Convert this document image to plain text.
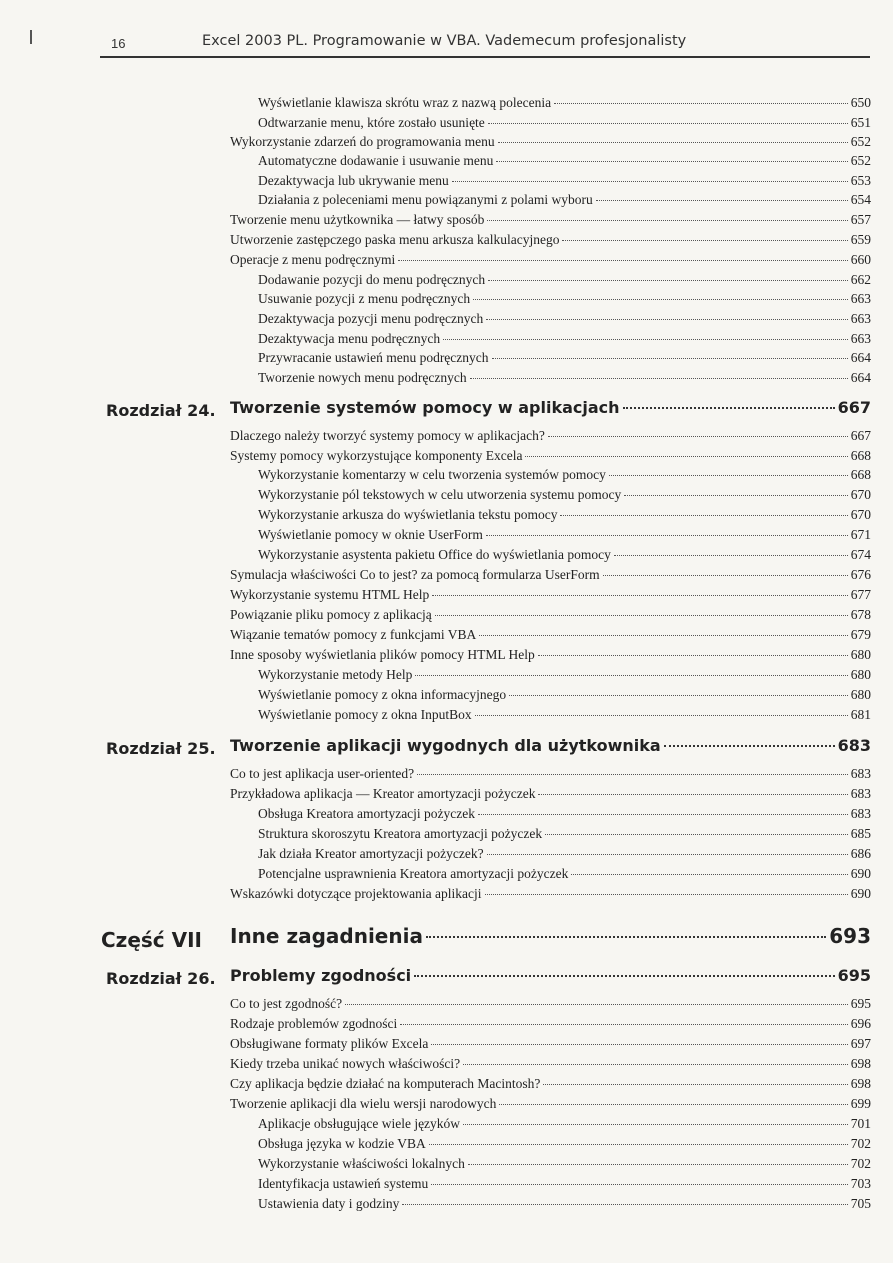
16	Excel 2003 PL. Programowanie w VBA. Vademecum profesjonalisty
Wyświetlanie klawisza skrótu wraz z nazwą polecenia	650
Odtwarzanie menu, które zostało usunięte	651
Wykorzystanie zdarzeń do programowania menu	652
Automatyczne dodawanie i usuwanie menu	652
Dezaktywacja lub ukrywanie menu	653
Działania z poleceniami menu powiązanymi z polami wyboru	654
Tworzenie menu użytkownika — łatwy sposób	657
Utworzenie zastępczego paska menu arkusza kalkulacyjnego	659
Operacje z menu podręcznymi	660
Dodawanie pozycji do menu podręcznych	662
Usuwanie pozycji z menu podręcznych	663
Dezaktywacja pozycji menu podręcznych	663
Dezaktywacja menu podręcznych	663
Przywracanie ustawień menu podręcznych	664
Tworzenie nowych menu podręcznych	664
Rozdział 24. Tworzenie systemów pomocy w aplikacjach	667
Dlaczego należy tworzyć systemy pomocy w aplikacjach?	667
Systemy pomocy wykorzystujące komponenty Excela	668
Wykorzystanie komentarzy w celu tworzenia systemów pomocy	668
Wykorzystanie pól tekstowych w celu utworzenia systemu pomocy	670
Wykorzystanie arkusza do wyświetlania tekstu pomocy	670
Wyświetlanie pomocy w oknie UserForm	671
Wykorzystanie asystenta pakietu Office do wyświetlania pomocy	674
Symulacja właściwości Co to jest? za pomocą formularza UserForm	676
Wykorzystanie systemu HTML Help	677
Powiązanie pliku pomocy z aplikacją	678
Wiązanie tematów pomocy z funkcjami VBA	679
Inne sposoby wyświetlania plików pomocy HTML Help	680
Wykorzystanie metody Help	680
Wyświetlanie pomocy z okna informacyjnego	680
Wyświetlanie pomocy z okna InputBox	681
Rozdział 25. Tworzenie aplikacji wygodnych dla użytkownika	683
Co to jest aplikacja user-oriented?	683
Przykładowa aplikacja — Kreator amortyzacji pożyczek	683
Obsługa Kreatora amortyzacji pożyczek	683
Struktura skoroszytu Kreatora amortyzacji pożyczek	685
Jak działa Kreator amortyzacji pożyczek?	686
Potencjalne usprawnienia Kreatora amortyzacji pożyczek	690
Wskazówki dotyczące projektowania aplikacji	690
Część VII Inne zagadnienia	693
Rozdział 26. Problemy zgodności	695
Co to jest zgodność?	695
Rodzaje problemów zgodności	696
Obsługiwane formaty plików Excela	697
Kiedy trzeba unikać nowych właściwości?	698
Czy aplikacja będzie działać na komputerach Macintosh?	698
Tworzenie aplikacji dla wielu wersji narodowych	699
Aplikacje obsługujące wiele języków	701
Obsługa języka w kodzie VBA	702
Wykorzystanie właściwości lokalnych	702
Identyfikacja ustawień systemu	703
Ustawienia daty i godziny	705
